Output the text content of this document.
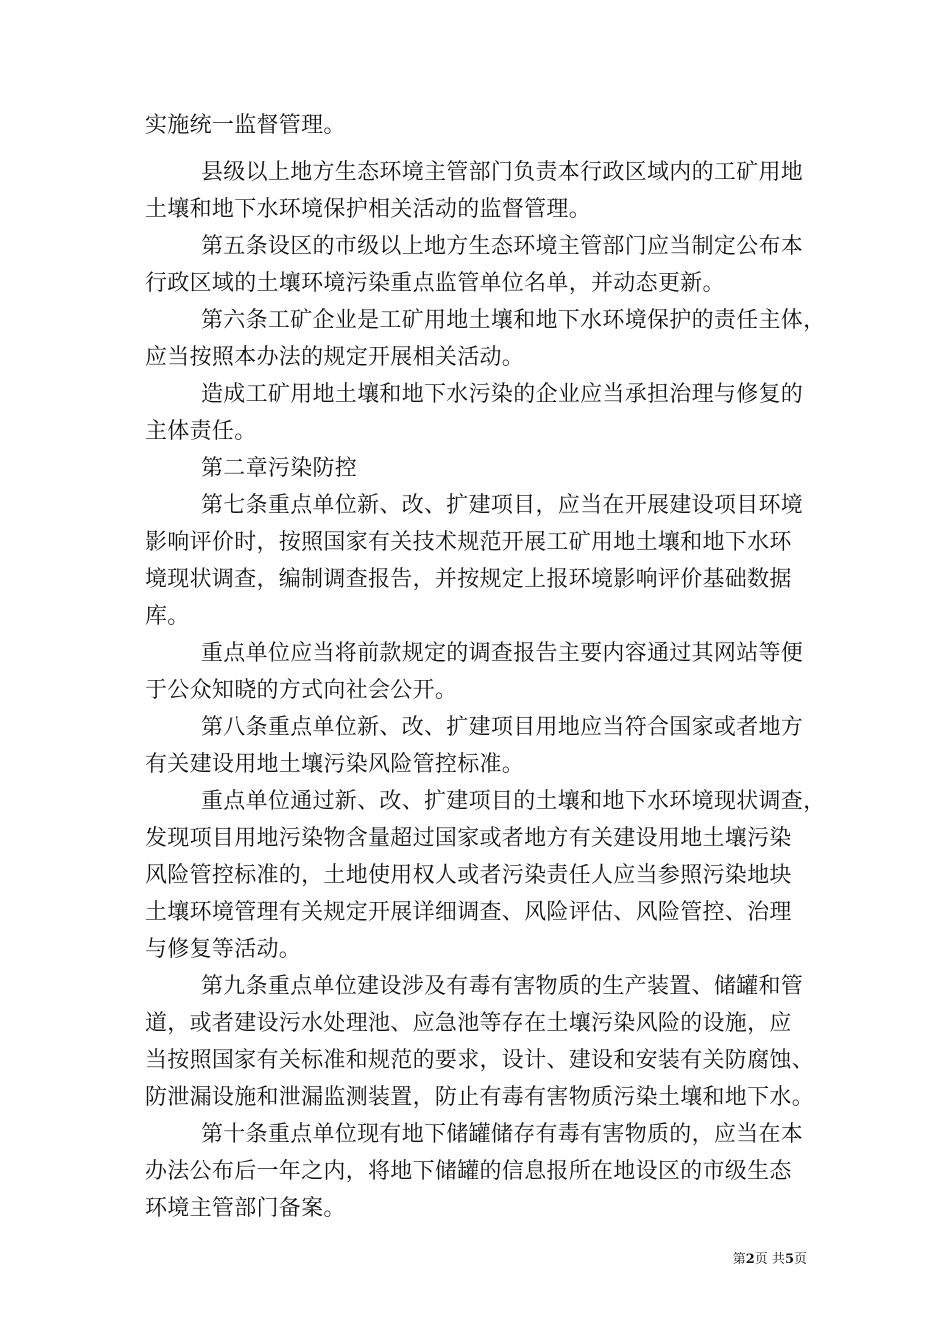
实施统一监督管理。
县级以上地方生态环境主管部门负责本行政区域内的工矿用地
土壤和地下水环境保护相关活动的监督管理。
第五条设区的市级以上地方生态环境主管部门应当制定公布本
行政区域的土壤环境污染重点监管单位名单，并动态更新。
第六条工矿企业是工矿用地土壤和地下水环境保护的责任主体，
应当按照本办法的规定开展相关活动。
造成工矿用地土壤和地下水污染的企业应当承担治理与修复的
主体责任。
第二章污染防控
第七条重点单位新、改、扩建项目，应当在开展建设项目环境
影响评价时，按照国家有关技术规范开展工矿用地土壤和地下水环
境现状调查，编制调查报告，并按规定上报环境影响评价基础数据
库。
重点单位应当将前款规定的调查报告主要内容通过其网站等便
于公众知晓的方式向社会公开。
第八条重点单位新、改、扩建项目用地应当符合国家或者地方
有关建设用地土壤污染风险管控标准。
重点单位通过新、改、扩建项目的土壤和地下水环境现状调查，
发现项目用地污染物含量超过国家或者地方有关建设用地土壤污染
风险管控标准的，土地使用权人或者污染责任人应当参照污染地块
土壤环境管理有关规定开展详细调查、风险评估、风险管控、治理
与修复等活动。
第九条重点单位建设涉及有毒有害物质的生产装置、储罐和管
道，或者建设污水处理池、应急池等存在土壤污染风险的设施，应
当按照国家有关标准和规范的要求，设计、建设和安装有关防腐蚀、
防泄漏设施和泄漏监测装置，防止有毒有害物质污染土壤和地下水。
第十条重点单位现有地下储罐储存有毒有害物质的，应当在本
办法公布后一年之内，将地下储罐的信息报所在地设区的市级生态
环境主管部门备案。
第2页 共5页
